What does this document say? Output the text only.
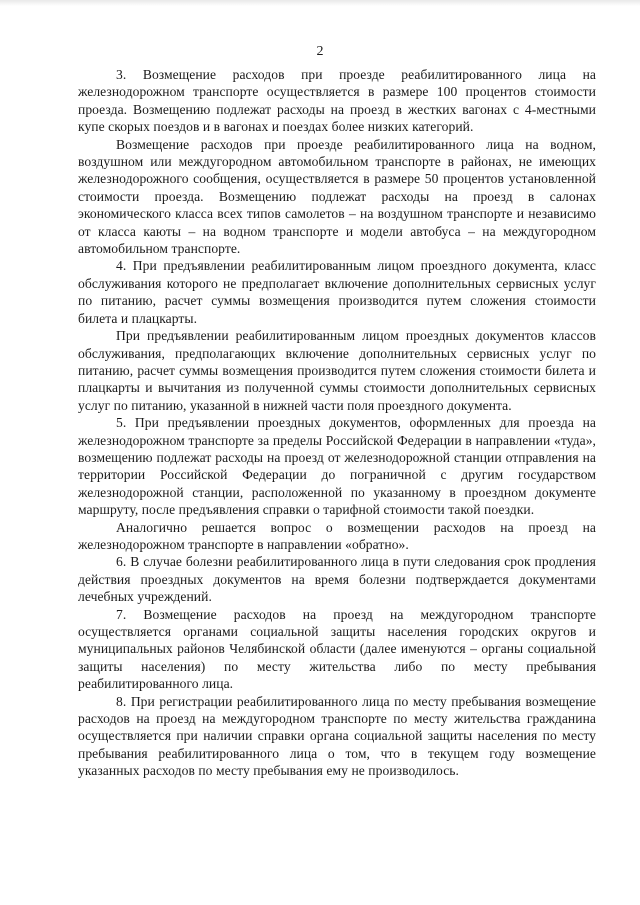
2

3. Возмещение расходов при проезде реабилитированного лица на железнодорожном транспорте осуществляется в размере 100 процентов стоимости проезда. Возмещению подлежат расходы на проезд в жестких вагонах с 4-местными купе скорых поездов и в вагонах и поездах более низких категорий.

Возмещение расходов при проезде реабилитированного лица на водном, воздушном или междугородном автомобильном транспорте в районах, не имеющих железнодорожного сообщения, осуществляется в размере 50 процентов установленной стоимости проезда. Возмещению подлежат расходы на проезд в салонах экономического класса всех типов самолетов – на воздушном транспорте и независимо от класса каюты – на водном транспорте и модели автобуса – на междугородном автомобильном транспорте.

4. При предъявлении реабилитированным лицом проездного документа, класс обслуживания которого не предполагает включение дополнительных сервисных услуг по питанию, расчет суммы возмещения производится путем сложения стоимости билета и плацкарты.

При предъявлении реабилитированным лицом проездных документов классов обслуживания, предполагающих включение дополнительных сервисных услуг по питанию, расчет суммы возмещения производится путем сложения стоимости билета и плацкарты и вычитания из полученной суммы стоимости дополнительных сервисных услуг по питанию, указанной в нижней части поля проездного документа.

5. При предъявлении проездных документов, оформленных для проезда на железнодорожном транспорте за пределы Российской Федерации в направлении «туда», возмещению подлежат расходы на проезд от железнодорожной станции отправления на территории Российской Федерации до пограничной с другим государством железнодорожной станции, расположенной по указанному в проездном документе маршруту, после предъявления справки о тарифной стоимости такой поездки.

Аналогично решается вопрос о возмещении расходов на проезд на железнодорожном транспорте в направлении «обратно».

6. В случае болезни реабилитированного лица в пути следования срок продления действия проездных документов на время болезни подтверждается документами лечебных учреждений.

7. Возмещение расходов на проезд на междугородном транспорте осуществляется органами социальной защиты населения городских округов и муниципальных районов Челябинской области (далее именуются – органы социальной защиты населения) по месту жительства либо по месту пребывания реабилитированного лица.

8. При регистрации реабилитированного лица по месту пребывания возмещение расходов на проезд на междугородном транспорте по месту жительства гражданина осуществляется при наличии справки органа социальной защиты населения по месту пребывания реабилитированного лица о том, что в текущем году возмещение указанных расходов по месту пребывания ему не производилось.
